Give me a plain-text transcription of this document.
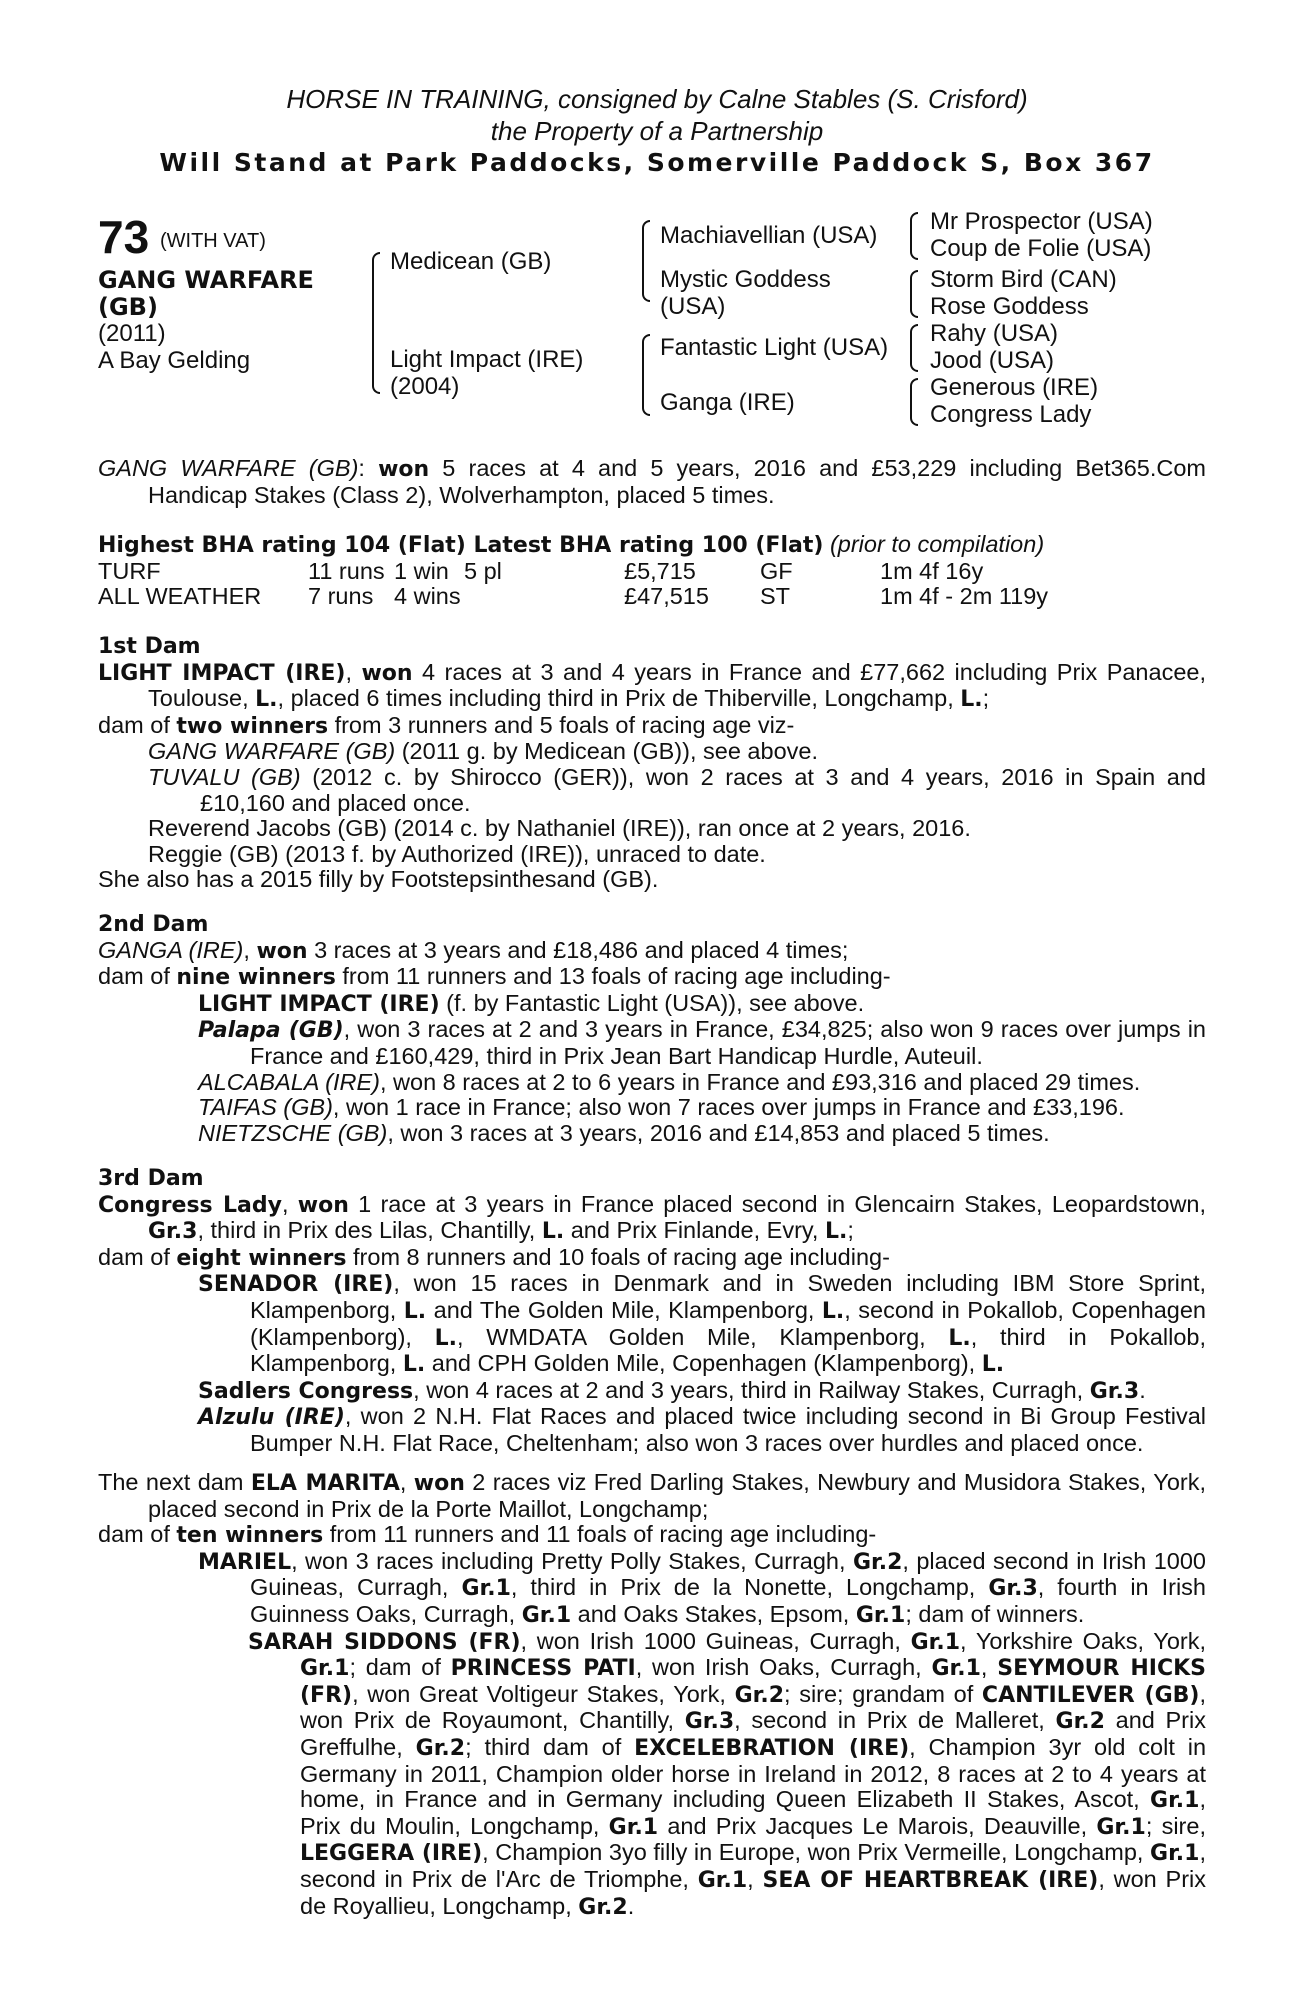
HORSE IN TRAINING, consigned by Calne Stables (S. Crisford)
the Property of a Partnership
Will Stand at Park Paddocks, Somerville Paddock S, Box 367
73 (WITH VAT)
GANG WARFARE
(GB)
(2011)
A Bay Gelding
Medicean (GB)
Light Impact (IRE)
(2004)
Machiavellian (USA)
Mystic Goddess
(USA)
Fantastic Light (USA)
Ganga (IRE)
Mr Prospector (USA)
Coup de Folie (USA)
Storm Bird (CAN)
Rose Goddess
Rahy (USA)
Jood (USA)
Generous (IRE)
Congress Lady

GANG WARFARE (GB): won 5 races at 4 and 5 years, 2016 and £53,229 including Bet365.Com Handicap Stakes (Class 2), Wolverhampton, placed 5 times.

Highest BHA rating 104 (Flat) Latest BHA rating 100 (Flat) (prior to compilation)

TURF	11 runs	1 win	5 pl	£5,715	GF	1m 4f 16y
ALL WEATHER	7 runs	4 wins		£47,515	ST	1m 4f - 2m 119y

1st Dam

LIGHT IMPACT (IRE), won 4 races at 3 and 4 years in France and £77,662 including Prix Panacee, Toulouse, L., placed 6 times including third in Prix de Thiberville, Longchamp, L.;

dam of two winners from 3 runners and 5 foals of racing age viz-

GANG WARFARE (GB) (2011 g. by Medicean (GB)), see above.

TUVALU (GB) (2012 c. by Shirocco (GER)), won 2 races at 3 and 4 years, 2016 in Spain and £10,160 and placed once.

Reverend Jacobs (GB) (2014 c. by Nathaniel (IRE)), ran once at 2 years, 2016.

Reggie (GB) (2013 f. by Authorized (IRE)), unraced to date.

She also has a 2015 filly by Footstepsinthesand (GB).

2nd Dam

GANGA (IRE), won 3 races at 3 years and £18,486 and placed 4 times;

dam of nine winners from 11 runners and 13 foals of racing age including-

LIGHT IMPACT (IRE) (f. by Fantastic Light (USA)), see above.

Palapa (GB), won 3 races at 2 and 3 years in France, £34,825; also won 9 races over jumps in France and £160,429, third in Prix Jean Bart Handicap Hurdle, Auteuil.

ALCABALA (IRE), won 8 races at 2 to 6 years in France and £93,316 and placed 29 times.

TAIFAS (GB), won 1 race in France; also won 7 races over jumps in France and £33,196.

NIETZSCHE (GB), won 3 races at 3 years, 2016 and £14,853 and placed 5 times.

3rd Dam

Congress Lady, won 1 race at 3 years in France placed second in Glencairn Stakes, Leopardstown, Gr.3, third in Prix des Lilas, Chantilly, L. and Prix Finlande, Evry, L.;

dam of eight winners from 8 runners and 10 foals of racing age including-

SENADOR (IRE), won 15 races in Denmark and in Sweden including IBM Store Sprint, Klampenborg, L. and The Golden Mile, Klampenborg, L., second in Pokallob, Copenhagen (Klampenborg), L., WMDATA Golden Mile, Klampenborg, L., third in Pokallob, Klampenborg, L. and CPH Golden Mile, Copenhagen (Klampenborg), L.

Sadlers Congress, won 4 races at 2 and 3 years, third in Railway Stakes, Curragh, Gr.3.

Alzulu (IRE), won 2 N.H. Flat Races and placed twice including second in Bi Group Festival Bumper N.H. Flat Race, Cheltenham; also won 3 races over hurdles and placed once.

The next dam ELA MARITA, won 2 races viz Fred Darling Stakes, Newbury and Musidora Stakes, York, placed second in Prix de la Porte Maillot, Longchamp;

dam of ten winners from 11 runners and 11 foals of racing age including-

MARIEL, won 3 races including Pretty Polly Stakes, Curragh, Gr.2, placed second in Irish 1000 Guineas, Curragh, Gr.1, third in Prix de la Nonette, Longchamp, Gr.3, fourth in Irish Guinness Oaks, Curragh, Gr.1 and Oaks Stakes, Epsom, Gr.1; dam of winners.

SARAH SIDDONS (FR), won Irish 1000 Guineas, Curragh, Gr.1, Yorkshire Oaks, York, Gr.1; dam of PRINCESS PATI, won Irish Oaks, Curragh, Gr.1, SEYMOUR HICKS (FR), won Great Voltigeur Stakes, York, Gr.2; sire; grandam of CANTILEVER (GB), won Prix de Royaumont, Chantilly, Gr.3, second in Prix de Malleret, Gr.2 and Prix Greffulhe, Gr.2; third dam of EXCELEBRATION (IRE), Champion 3yr old colt in Germany in 2011, Champion older horse in Ireland in 2012, 8 races at 2 to 4 years at home, in France and in Germany including Queen Elizabeth II Stakes, Ascot, Gr.1, Prix du Moulin, Longchamp, Gr.1 and Prix Jacques Le Marois, Deauville, Gr.1; sire, LEGGERA (IRE), Champion 3yo filly in Europe, won Prix Vermeille, Longchamp, Gr.1, second in Prix de l'Arc de Triomphe, Gr.1, SEA OF HEARTBREAK (IRE), won Prix de Royallieu, Longchamp, Gr.2.
